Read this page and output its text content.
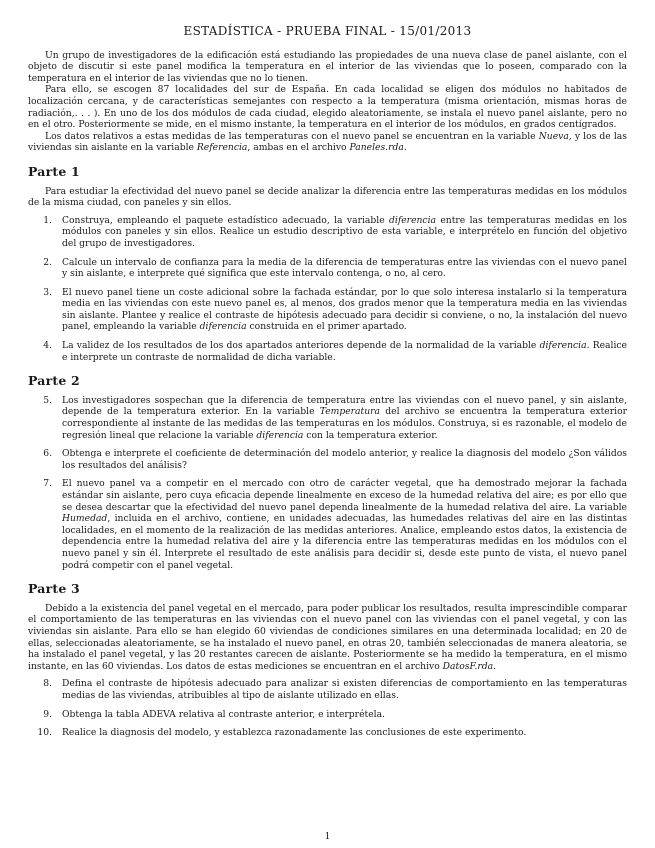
ESTADÍSTICA - PRUEBA FINAL - 15/01/2013

Un grupo de investigadores de la edificación está estudiando las propiedades de una nueva clase de panel aislante, con el objeto de discutir si este panel modifica la temperatura en el interior de las viviendas que lo poseen, comparado con la temperatura en el interior de las viviendas que no lo tienen.

Para ello, se escogen 87 localidades del sur de España. En cada localidad se eligen dos módulos no habitados de localización cercana, y de características semejantes con respecto a la temperatura (misma orientación, mismas horas de radiación,. . . ). En uno de los dos módulos de cada ciudad, elegido aleatoriamente, se instala el nuevo panel aislante, pero no en el otro. Posteriormente se mide, en el mismo instante, la temperatura en el interior de los módulos, en grados centígrados.

Los datos relativos a estas medidas de las temperaturas con el nuevo panel se encuentran en la variable Nueva, y los de las viviendas sin aislante en la variable Referencia, ambas en el archivo Paneles.rda.

Parte 1

Para estudiar la efectividad del nuevo panel se decide analizar la diferencia entre las temperaturas medidas en los módulos de la misma ciudad, con paneles y sin ellos.

1. Construya, empleando el paquete estadístico adecuado, la variable diferencia entre las temperaturas medidas en los módulos con paneles y sin ellos. Realice un estudio descriptivo de esta variable, e interprételo en función del objetivo del grupo de investigadores.
2. Calcule un intervalo de confianza para la media de la diferencia de temperaturas entre las viviendas con el nuevo panel y sin aislante, e interprete qué significa que este intervalo contenga, o no, al cero.
3. El nuevo panel tiene un coste adicional sobre la fachada estándar, por lo que solo interesa instalarlo si la temperatura media en las viviendas con este nuevo panel es, al menos, dos grados menor que la temperatura media en las viviendas sin aislante. Plantee y realice el contraste de hipótesis adecuado para decidir si conviene, o no, la instalación del nuevo panel, empleando la variable diferencia construida en el primer apartado.
4. La validez de los resultados de los dos apartados anteriores depende de la normalidad de la variable diferencia. Realice e interprete un contraste de normalidad de dicha variable.
Parte 2
5. Los investigadores sospechan que la diferencia de temperatura entre las viviendas con el nuevo panel, y sin aislante, depende de la temperatura exterior. En la variable Temperatura del archivo se encuentra la temperatura exterior correspondiente al instante de las medidas de las temperaturas en los módulos. Construya, si es razonable, el modelo de regresión lineal que relacione la variable diferencia con la temperatura exterior.
6. Obtenga e interprete el coeficiente de determinación del modelo anterior, y realice la diagnosis del modelo ¿Son válidos los resultados del análisis?
7. El nuevo panel va a competir en el mercado con otro de carácter vegetal, que ha demostrado mejorar la fachada estándar sin aislante, pero cuya eficacia depende linealmente en exceso de la humedad relativa del aire; es por ello que se desea descartar que la efectividad del nuevo panel dependa linealmente de la humedad relativa del aire. La variable Humedad, incluida en el archivo, contiene, en unidades adecuadas, las humedades relativas del aire en las distintas localidades, en el momento de la realización de las medidas anteriores. Analice, empleando estos datos, la existencia de dependencia entre la humedad relativa del aire y la diferencia entre las temperaturas medidas en los módulos con el nuevo panel y sin él. Interprete el resultado de este análisis para decidir si, desde este punto de vista, el nuevo panel podrá competir con el panel vegetal.
Parte 3

Debido a la existencia del panel vegetal en el mercado, para poder publicar los resultados, resulta imprescindible comparar el comportamiento de las temperaturas en las viviendas con el nuevo panel con las viviendas con el panel vegetal, y con las viviendas sin aislante. Para ello se han elegido 60 viviendas de condiciones similares en una determinada localidad; en 20 de ellas, seleccionadas aleatoriamente, se ha instalado el nuevo panel, en otras 20, también seleccionadas de manera aleatoria, se ha instalado el panel vegetal, y las 20 restantes carecen de aislante. Posteriormente se ha medido la temperatura, en el mismo instante, en las 60 viviendas. Los datos de estas mediciones se encuentran en el archivo DatosF.rda.

8. Defina el contraste de hipótesis adecuado para analizar si existen diferencias de comportamiento en las temperaturas medias de las viviendas, atribuibles al tipo de aislante utilizado en ellas.
9. Obtenga la tabla ADEVA relativa al contraste anterior, e interprétela.
10. Realice la diagnosis del modelo, y establezca razonadamente las conclusiones de este experimento.
1
